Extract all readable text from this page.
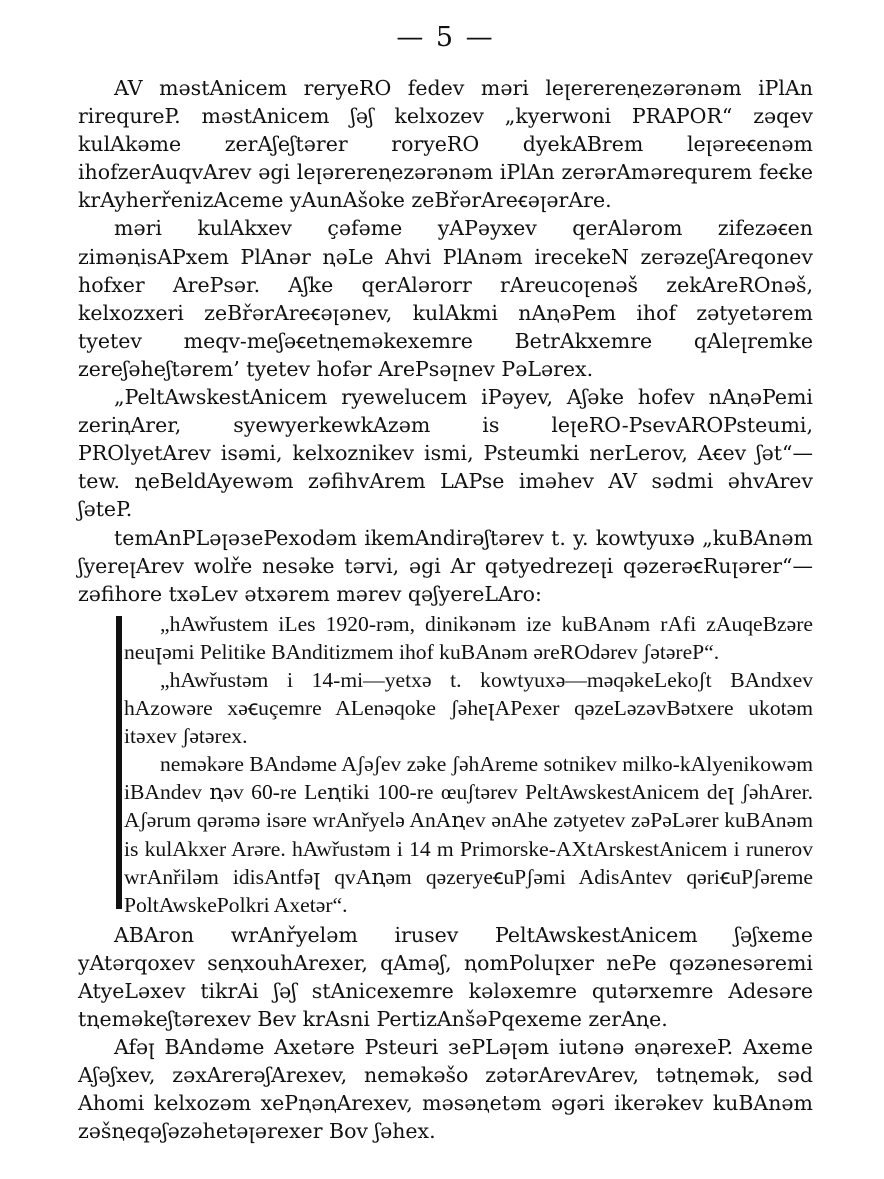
— 5 —

AV məstAnicem reryeRO fedev məri leꞁerereꞑezərənəm iPlAn rirequreP. məstAnicem ʃəʃ kelxozev „kyerwoni PRAPOR“ zəqev kulAkəme zerAʃeʃtərer roryeRO dyekABrem leꞁəreꞓenəm ihofzerAuqvArev əgi leꞁərereꞑezərənəm iPlAn zerərAmərequrem feꞓke krAyherřenizAceme yAunAšoke zeBřərAreꞓəꞁərAre.

məri kulAkxev çəfəme yAPəyxev qerAlərom zifezəꞓen ziməꞑisAPxem PlAnər ꞑəLe Ahvi PlAnəm irecekeN zerəzeʃAreqonev hofxer AreРsər. Aʃke qerAlərorr rAreucoꞁenəš zekAreROnəš, kelxozxeri zeBřərAreꞓəꞁənev, kulAkmi nAꞑəPem ihof zətyetərem tyetev meqv-meʃəꞓetꞑeməkexemre BetrAkxemre qAleꞁremke zereʃəheʃtərem’ tyetev hofər AreРsəꞁnev PəLərex.

„PeltAwskestAnicem ryewelucem iPəyev, Aʃəke hofev nAꞑəPemi zeriꞑArer, syewyerkewkAzəm is leꞁeRO-PsevAROPsteumi, PROlyetArev isəmi, kelxoznikev ismi, Psteumki nerLerov, Aꞓev ʃət“—tew. ꞑeBeldAyewəm zəfihvArem LAPse iməhev AV sədmi əhvArev ʃəteP.

temAnPLəꞁəзePexodəm ikemAndirəʃtərev t. y. kowtyuxə „kuBAnəm ʃyereꞁArev wolře nesəke tərvi, əgi Ar qətyedrezeꞁi qəzerəꞓRuꞁərer“—zəfihore txəLev ətxərem mərev qəʃyereLAro:

„hAwřustem iLes 1920-rəm, dinikənəm ize kuBAnəm rAfi zAuqeBzəre neuꞁəmi Pelitike BAnditizmem ihof kuBAnəm əreROdərev ʃətəreP“.

„hAwřustəm i 14-mi—yetxə t. kowtyuxə—məqəkeLekoʃt BAndxev hAzowəre xəꞓuçemre ALenəqoke ʃəheꞁAPexer qəzeLəzəvBətxere ukotəm itəxev ʃətərex.

neməkəre BAndəme Aʃəʃev zəke ʃəhAreme sotnikev milko-kAlyenikowəm iBAndev ꞑəv 60-re Leꞑtiki 100-re œuʃtərev PeltAwskestAnicem deꞁ ʃəhArer. Aʃərum qərəmə isəre wrAnřyelə AnAꞑev ənAhe zətyetev zəPəLərer kuBAnəm is kulAkxer Arəre. hAwřustəm i 14 m Primorske-AXtArskestAnicem i runerov wrAnřiləm idisAntfəꞁ qvAꞑəm qəzeryeꞓuPʃəmi AdisAntev qəriꞓuPʃəreme PoltAwskePolkri Axetər“.

ABAron wrAnřyeləm irusev PeltAwskestAnicem ʃəʃxeme yAtərqoxev seꞑxouhArexer, qAməʃ, ꞑomPoluꞁxer nePe qəzənesəremi AtyeLəxev tikrAi ʃəʃ stAnicexemre kələxemre qutərxemre Adesəre tꞑeməkeʃtərexev Bev krAsni PertizAnšəPqexeme zerAꞑe.

Afəꞁ BAndəme Axetəre Psteuri зePLəꞁəm iutənə əꞑərexeP. Axeme Aʃəʃxev, zəxArerəʃArexev, neməkəšo zətərArevArev, tətꞑemək, səd Ahomi kelxozəm xePꞑəꞑArexev, məsəꞑetəm əgəri ikerəkev kuBAnəm zəšꞑeqəʃəzəhetəꞁərexer Bov ʃəhex.
